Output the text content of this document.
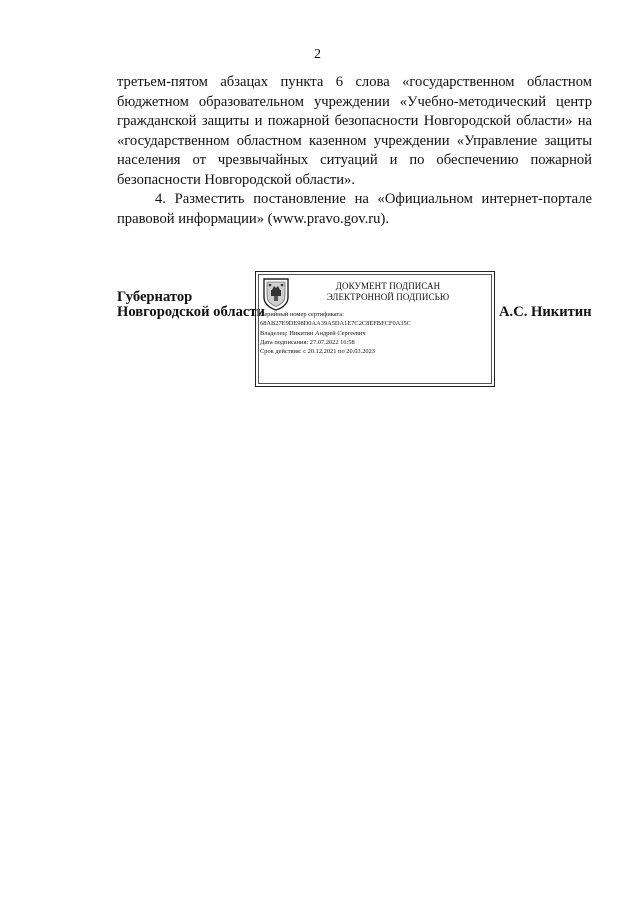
2

третьем-пятом абзацах пункта 6 слова «государственном областном бюджетном образовательном учреждении «Учебно-методический центр гражданской защиты и пожарной безопасности Новгородской области» на «государственном областном казенном учреждении «Управление защиты населения от чрезвычайных ситуаций и по обеспечению пожарной безопасности Новгородской области».

4. Разместить постановление на «Официальном интернет-портале правовой информации» (www.pravo.gov.ru).

Губернатор
Новгородской области
ДОКУМЕНТ ПОДПИСАН
ЭЛЕКТРОННОЙ ПОДПИСЬЮ
Серийный номер сертификата:
68AB27E9DE98D0AA39A5DA1E7C2C8EFBFCF0A35C
Владелец: Никитин Андрей Сергеевич
Дата подписания: 27.07.2022 16:58
Срок действия: с 20.12.2021 по 20.03.2023
А.С. Никитин
